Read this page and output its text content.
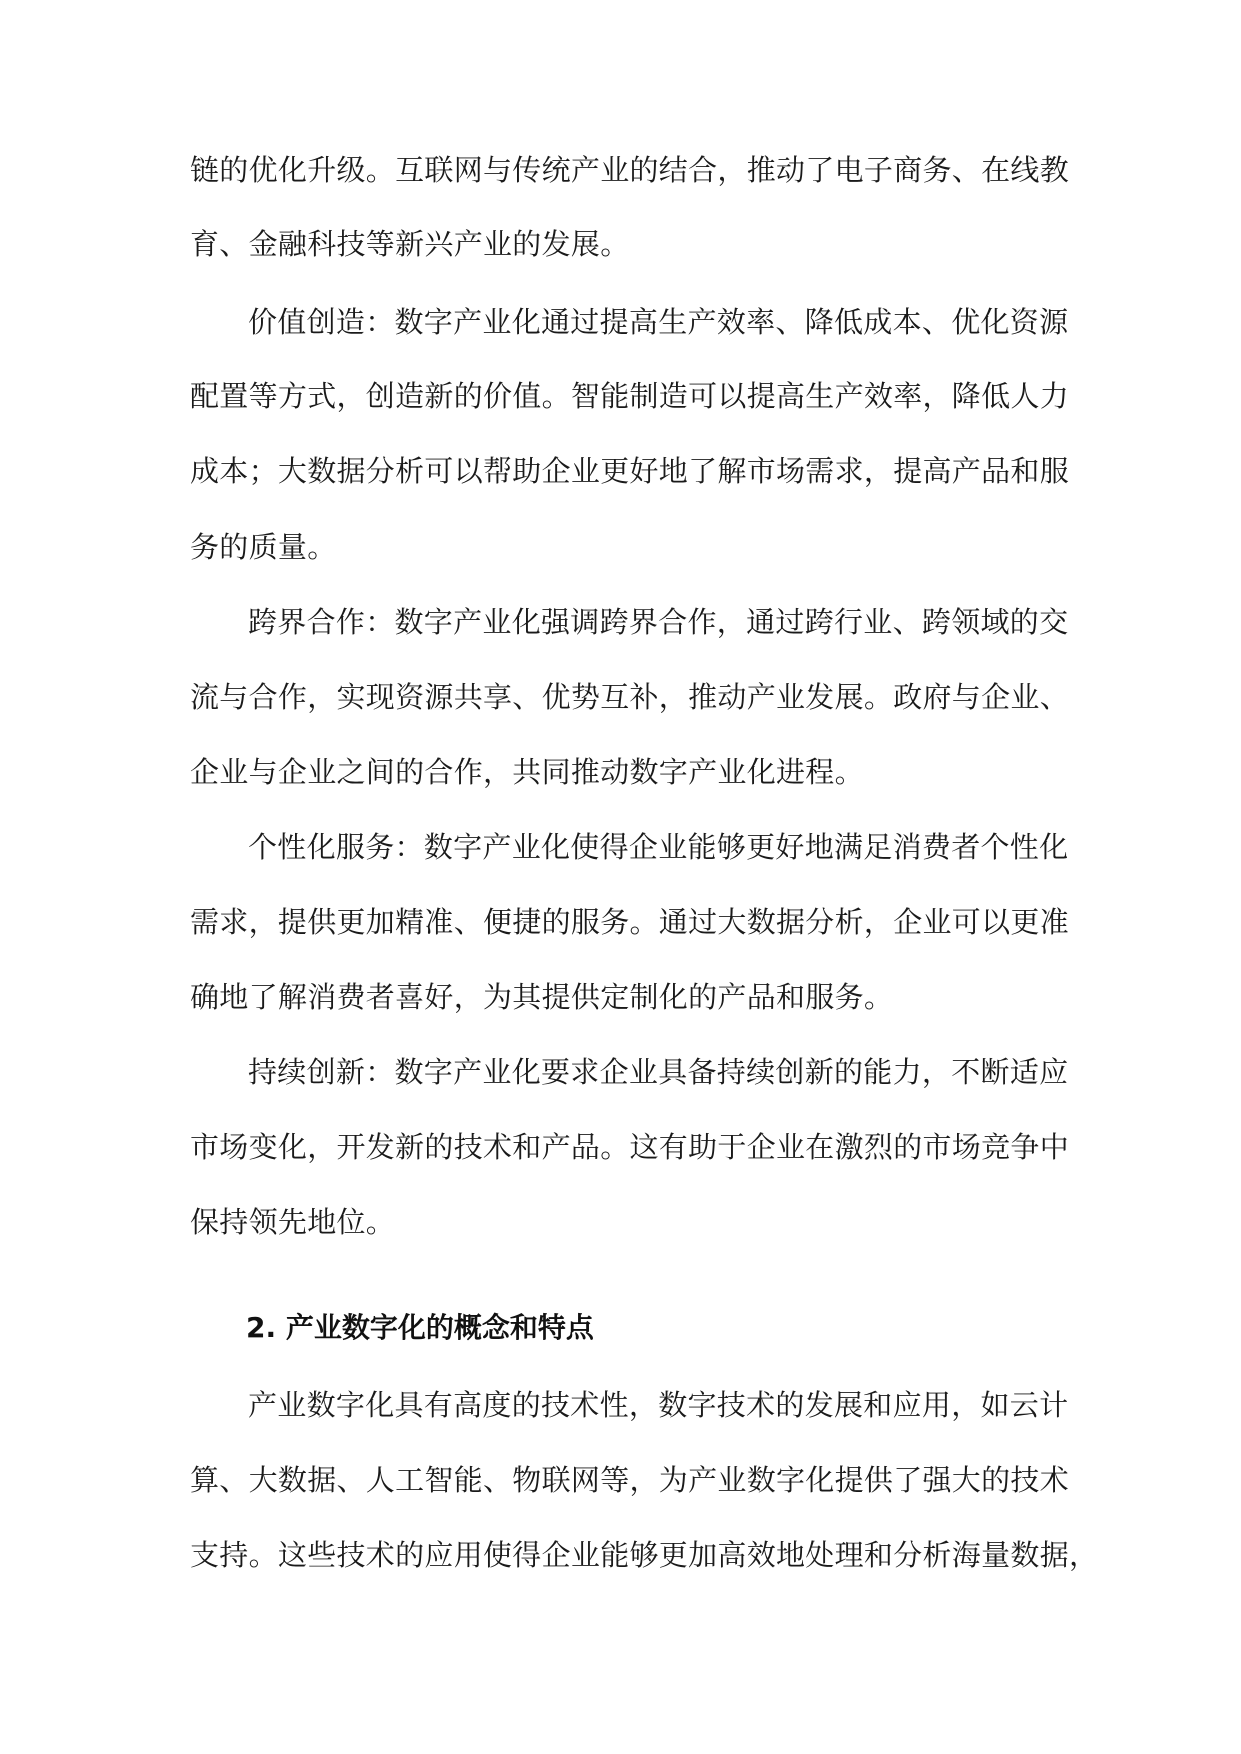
链的优化升级。互联网与传统产业的结合，推动了电子商务、在线教
育、金融科技等新兴产业的发展。
价值创造：数字产业化通过提高生产效率、降低成本、优化资源
配置等方式，创造新的价值。智能制造可以提高生产效率，降低人力
成本；大数据分析可以帮助企业更好地了解市场需求，提高产品和服
务的质量。
跨界合作：数字产业化强调跨界合作，通过跨行业、跨领域的交
流与合作，实现资源共享、优势互补，推动产业发展。政府与企业、
企业与企业之间的合作，共同推动数字产业化进程。
个性化服务：数字产业化使得企业能够更好地满足消费者个性化
需求，提供更加精准、便捷的服务。通过大数据分析，企业可以更准
确地了解消费者喜好，为其提供定制化的产品和服务。
持续创新：数字产业化要求企业具备持续创新的能力，不断适应
市场变化，开发新的技术和产品。这有助于企业在激烈的市场竞争中
保持领先地位。
2. 产业数字化的概念和特点
产业数字化具有高度的技术性，数字技术的发展和应用，如云计
算、大数据、人工智能、物联网等，为产业数字化提供了强大的技术
支持。这些技术的应用使得企业能够更加高效地处理和分析海量数据，
